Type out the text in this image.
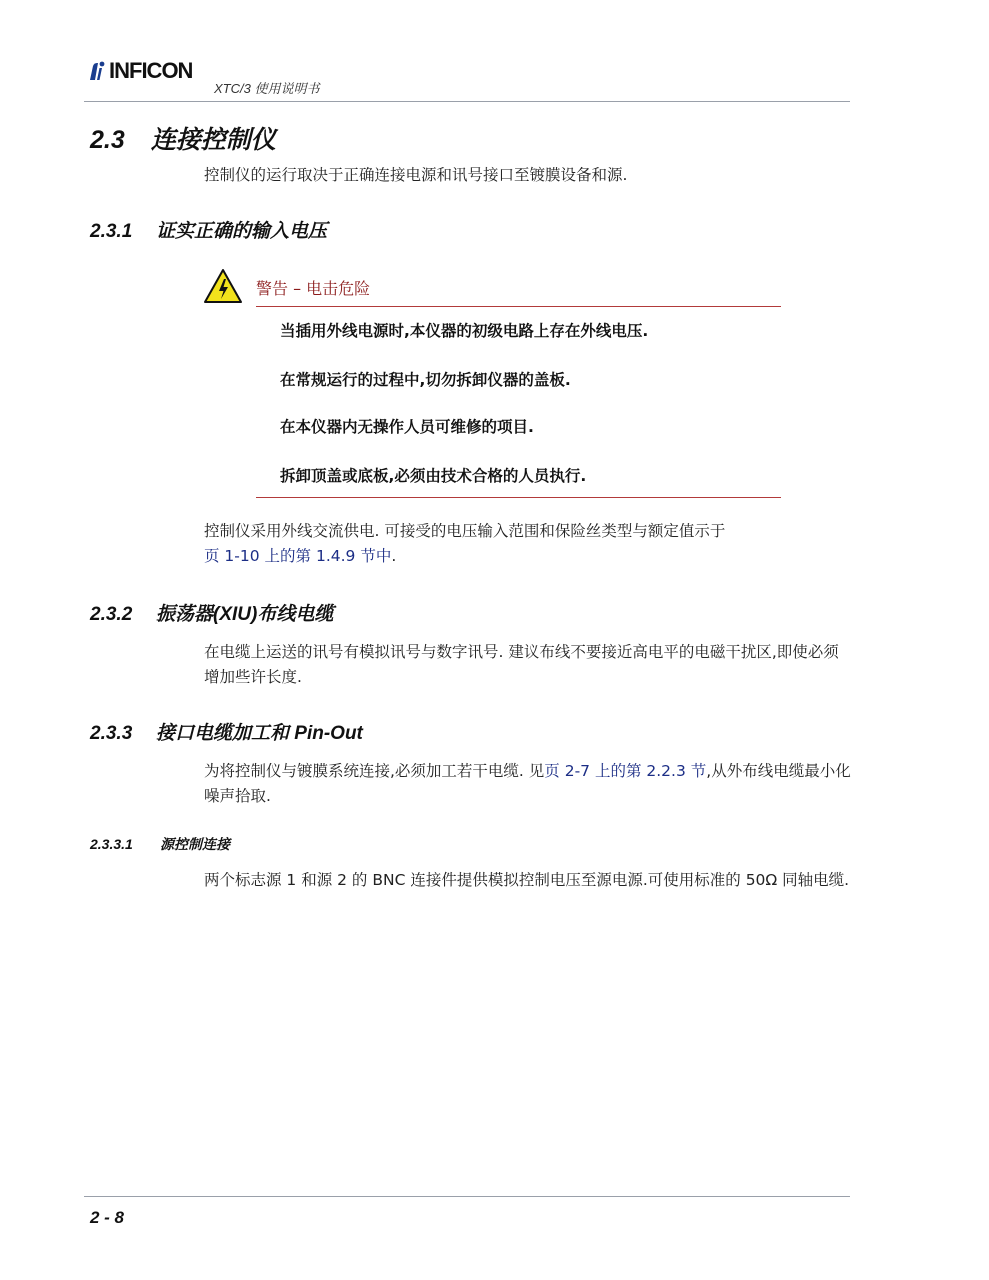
INFICON
XTC/3 使用说明书
2.3 连接控制仪
控制仪的运行取决于正确连接电源和讯号接口至镀膜设备和源.
2.3.1 证实正确的输入电压
警告 – 电击危险
当插用外线电源时,本仪器的初级电路上存在外线电压.
在常规运行的过程中,切勿拆卸仪器的盖板.
在本仪器内无操作人员可维修的项目.
拆卸顶盖或底板,必须由技术合格的人员执行.
控制仪采用外线交流供电. 可接受的电压输入范围和保险丝类型与额定值示于
页 1-10 上的第 1.4.9 节中.
2.3.2 振荡器(XIU)布线电缆
在电缆上运送的讯号有模拟讯号与数字讯号. 建议布线不要接近高电平的电磁干扰区,即使必须增加些许长度.
2.3.3 接口电缆加工和 Pin-Out
为将控制仪与镀膜系统连接,必须加工若干电缆. 见页 2-7 上的第 2.2.3 节,从外布线电缆最小化噪声拾取.
2.3.3.1 源控制连接
两个标志源 1 和源 2 的 BNC 连接件提供模拟控制电压至源电源.可使用标准的 50Ω 同轴电缆.
2 - 8
